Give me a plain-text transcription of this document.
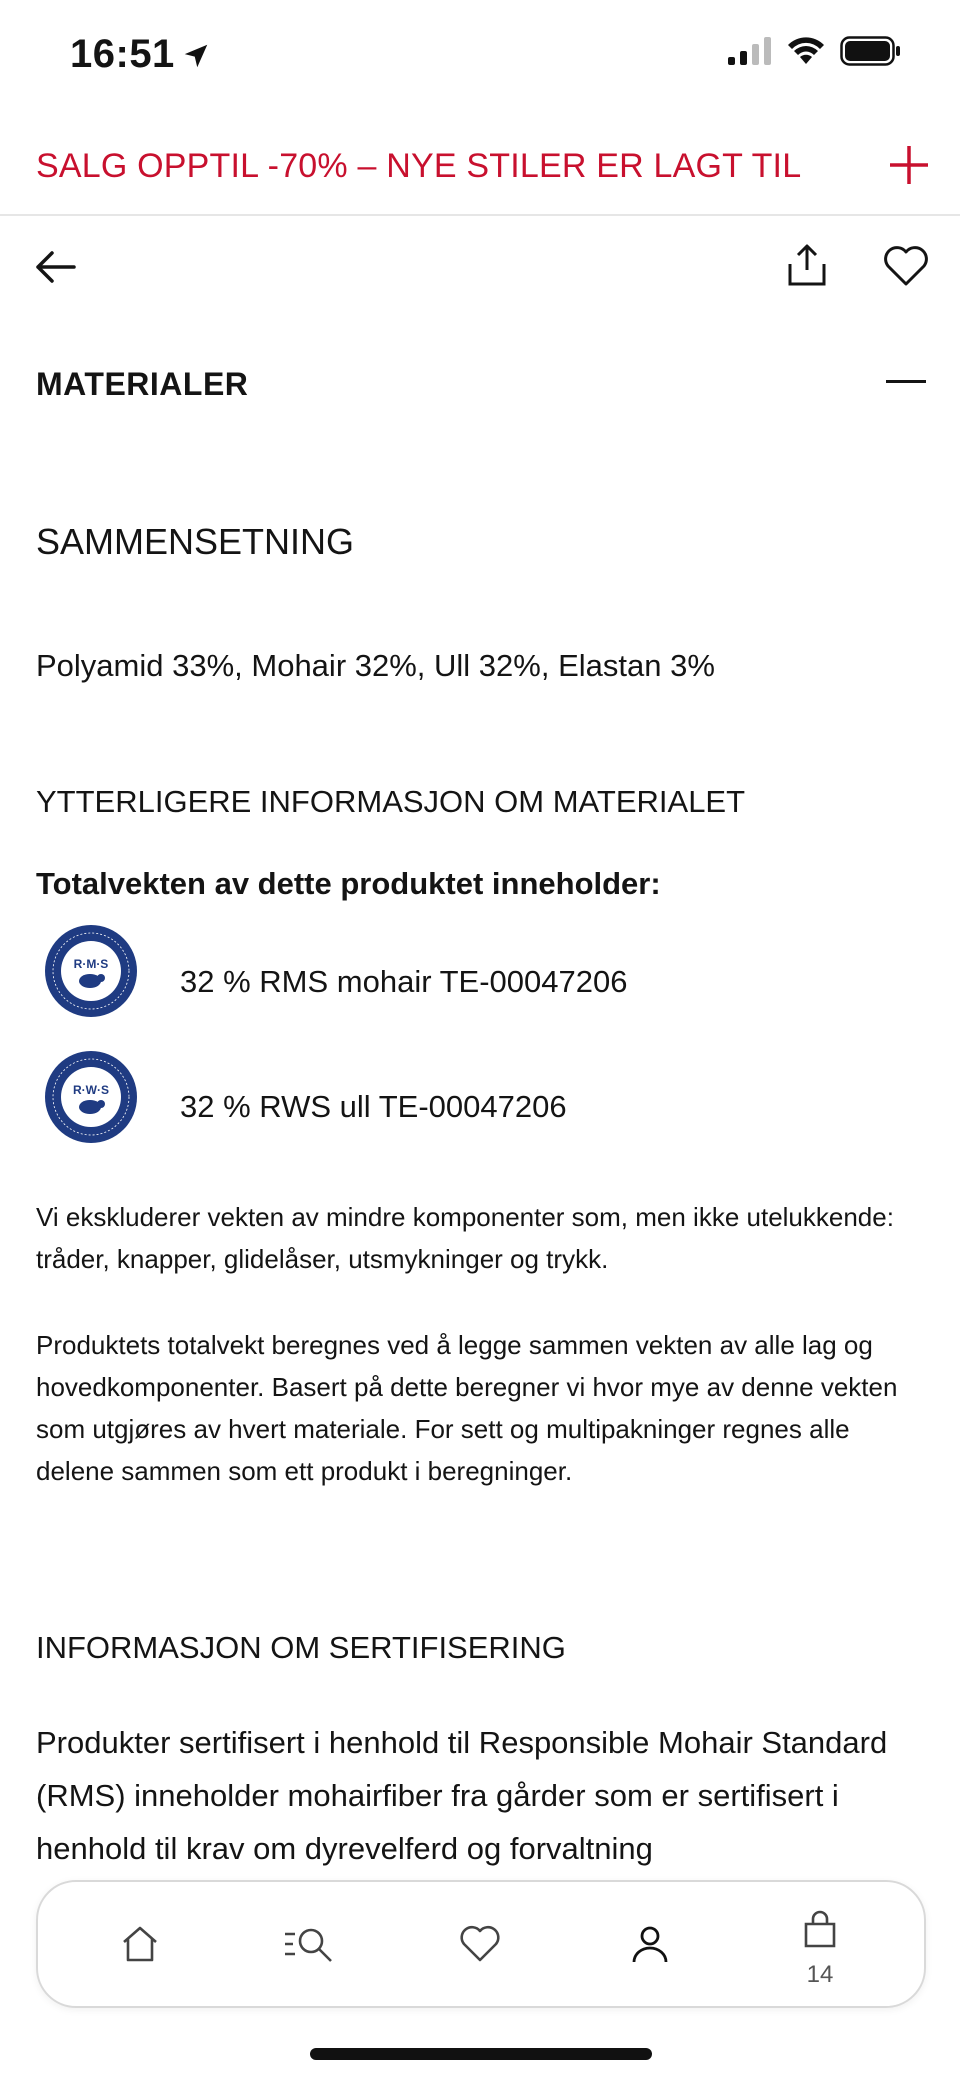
16:51
SALG OPPTIL -70% – NYE STILER ER LAGT TIL
MATERIALER
SAMMENSETNING
Polyamid 33%, Mohair 32%, Ull 32%, Elastan 3%
YTTERLIGERE INFORMASJON OM MATERIALET
Totalvekten av dette produktet inneholder:
R·M·S 32 % RMS mohair TE-00047206
R·W·S 32 % RWS ull TE-00047206
Vi ekskluderer vekten av mindre komponenter som, men ikke utelukkende: tråder, knapper, glidelåser, utsmykninger og trykk.
Produktets totalvekt beregnes ved å legge sammen vekten av alle lag og hovedkomponenter. Basert på dette beregner vi hvor mye av denne vekten som utgjøres av hvert materiale. For sett og multipakninger regnes alle delene sammen som ett produkt i beregninger.
INFORMASJON OM SERTIFISERING
Produkter sertifisert i henhold til Responsible Mohair Standard (RMS) inneholder mohairfiber fra gårder som er sertifisert i henhold til krav om dyrevelferd og forvaltning
14
